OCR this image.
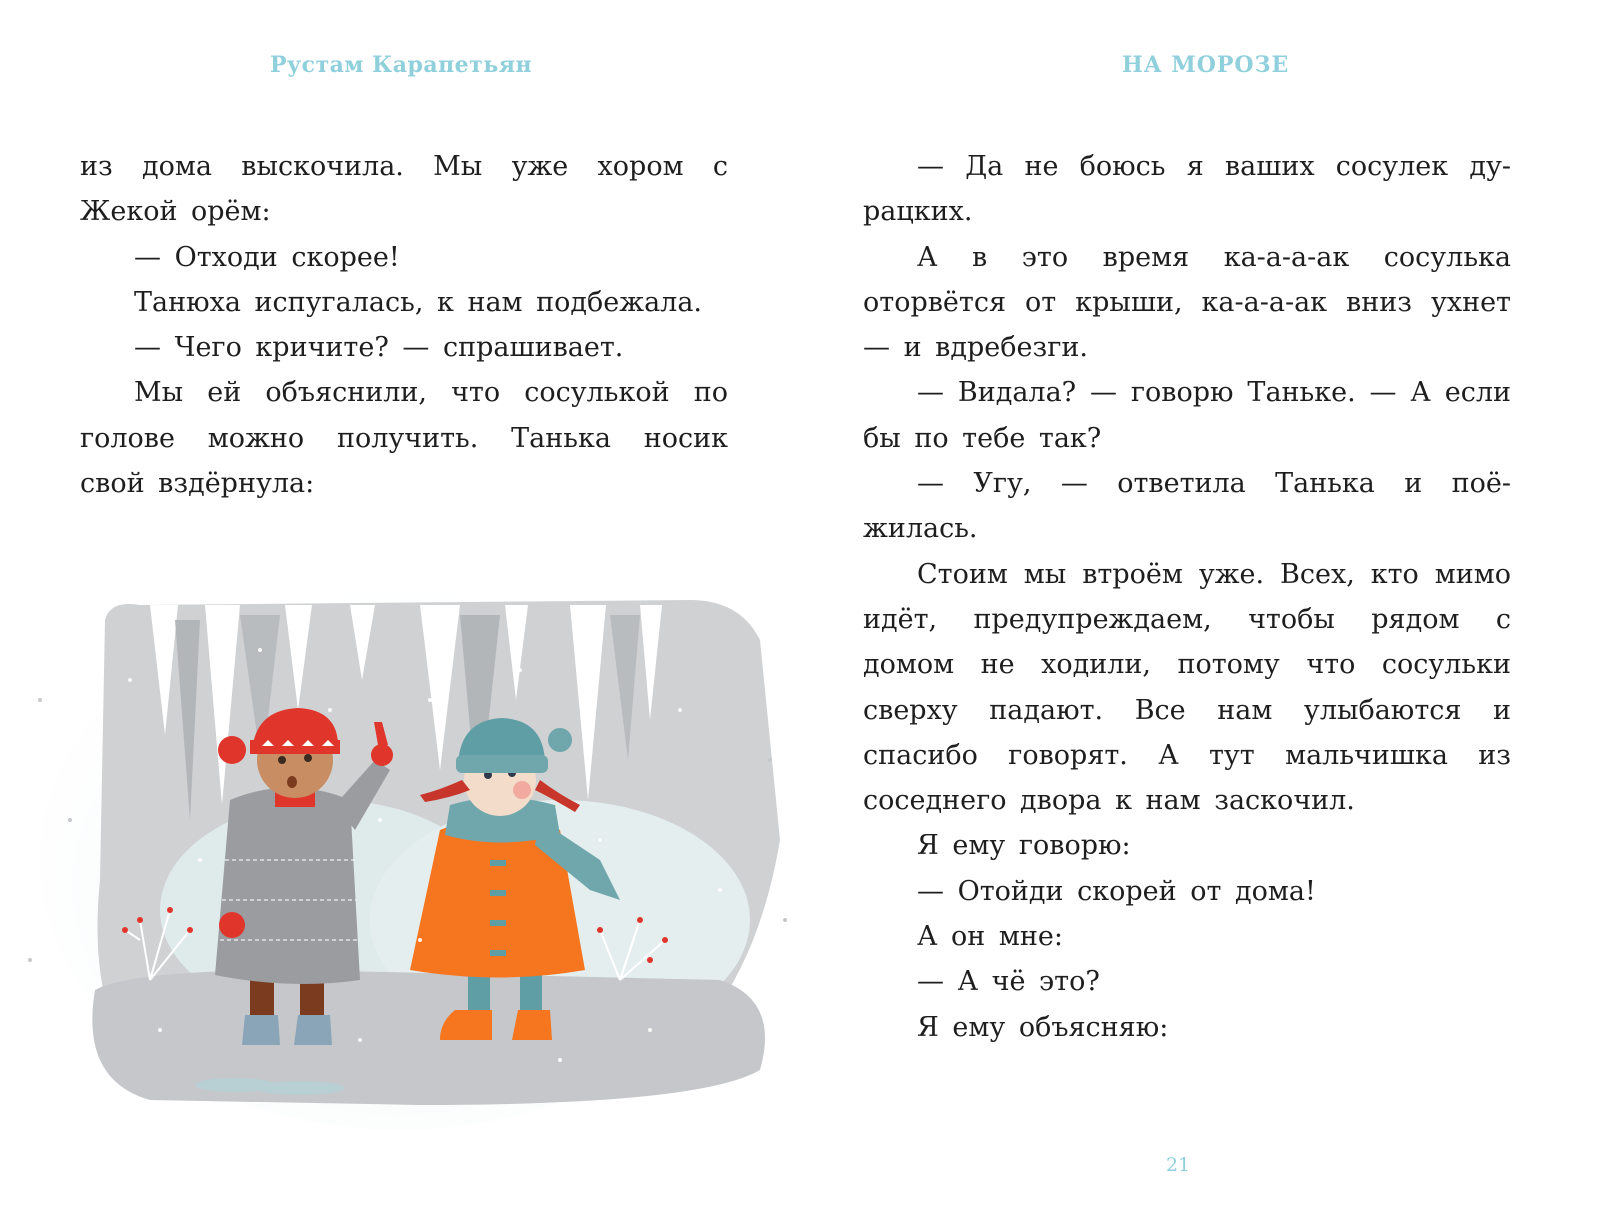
Рустам Карапетьян

из дома выскочила. Мы уже хором с Жекой орём:

— Отходи скорее!

Танюха испугалась, к нам подбежала.

— Чего кричите? — спрашивает.

Мы ей объяснили, что сосулькой по голове можно получить. Танька носик свой вздёрнула:

НА МОРОЗЕ

— Да не боюсь я ваших сосулек дурацких.

А в это время ка-а-а-ак сосулька оторвётся от крыши, ка-а-а-ак вниз ухнет — и вдребезги.

— Видала? — говорю Таньке. — А если бы по тебе так?

— Угу, — ответила Танька и поёжилась.

Стоим мы втроём уже. Всех, кто мимо идёт, предупреждаем, чтобы рядом с домом не ходили, потому что сосульки сверху падают. Все нам улыбаются и спасибо говорят. А тут мальчишка из соседнего двора к нам заскочил.

Я ему говорю:

— Отойди скорей от дома!

А он мне:

— А чё это?

Я ему объясняю:

21
